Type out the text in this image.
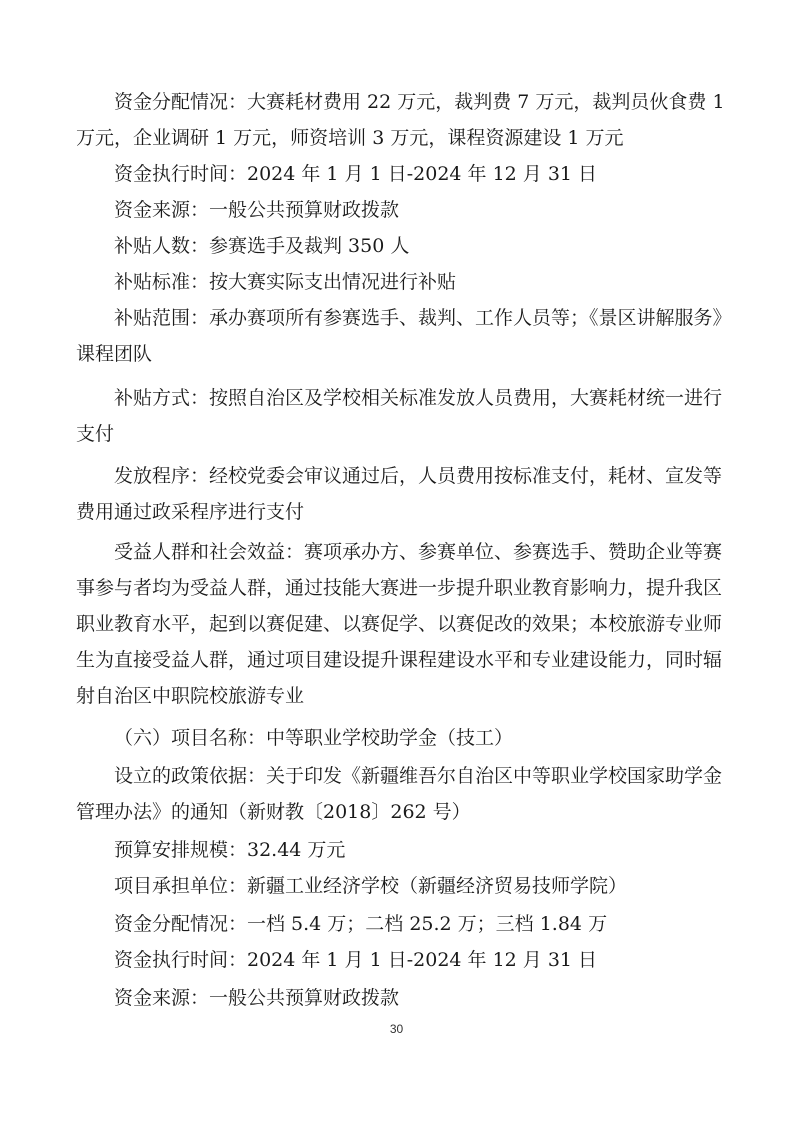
资金分配情况：大赛耗材费用 22 万元，裁判费 7 万元，裁判员伙食费 1
万元，企业调研 1 万元，师资培训 3 万元，课程资源建设 1 万元
资金执行时间：2024 年 1 月 1 日-2024 年 12 月 31 日
资金来源：一般公共预算财政拨款
补贴人数：参赛选手及裁判 350 人
补贴标准：按大赛实际支出情况进行补贴
补贴范围：承办赛项所有参赛选手、裁判、工作人员等；《景区讲解服务》
课程团队
补贴方式：按照自治区及学校相关标准发放人员费用，大赛耗材统一进行
支付
发放程序：经校党委会审议通过后，人员费用按标准支付，耗材、宣发等
费用通过政采程序进行支付
受益人群和社会效益：赛项承办方、参赛单位、参赛选手、赞助企业等赛
事参与者均为受益人群，通过技能大赛进一步提升职业教育影响力，提升我区
职业教育水平，起到以赛促建、以赛促学、以赛促改的效果；本校旅游专业师
生为直接受益人群，通过项目建设提升课程建设水平和专业建设能力，同时辐
射自治区中职院校旅游专业
（六）项目名称：中等职业学校助学金（技工）
设立的政策依据：关于印发《新疆维吾尔自治区中等职业学校国家助学金
管理办法》的通知（新财教〔2018〕262 号）
预算安排规模：32.44 万元
项目承担单位：新疆工业经济学校（新疆经济贸易技师学院）
资金分配情况：一档 5.4 万；二档 25.2 万；三档 1.84 万
资金执行时间：2024 年 1 月 1 日-2024 年 12 月 31 日
资金来源：一般公共预算财政拨款
30
